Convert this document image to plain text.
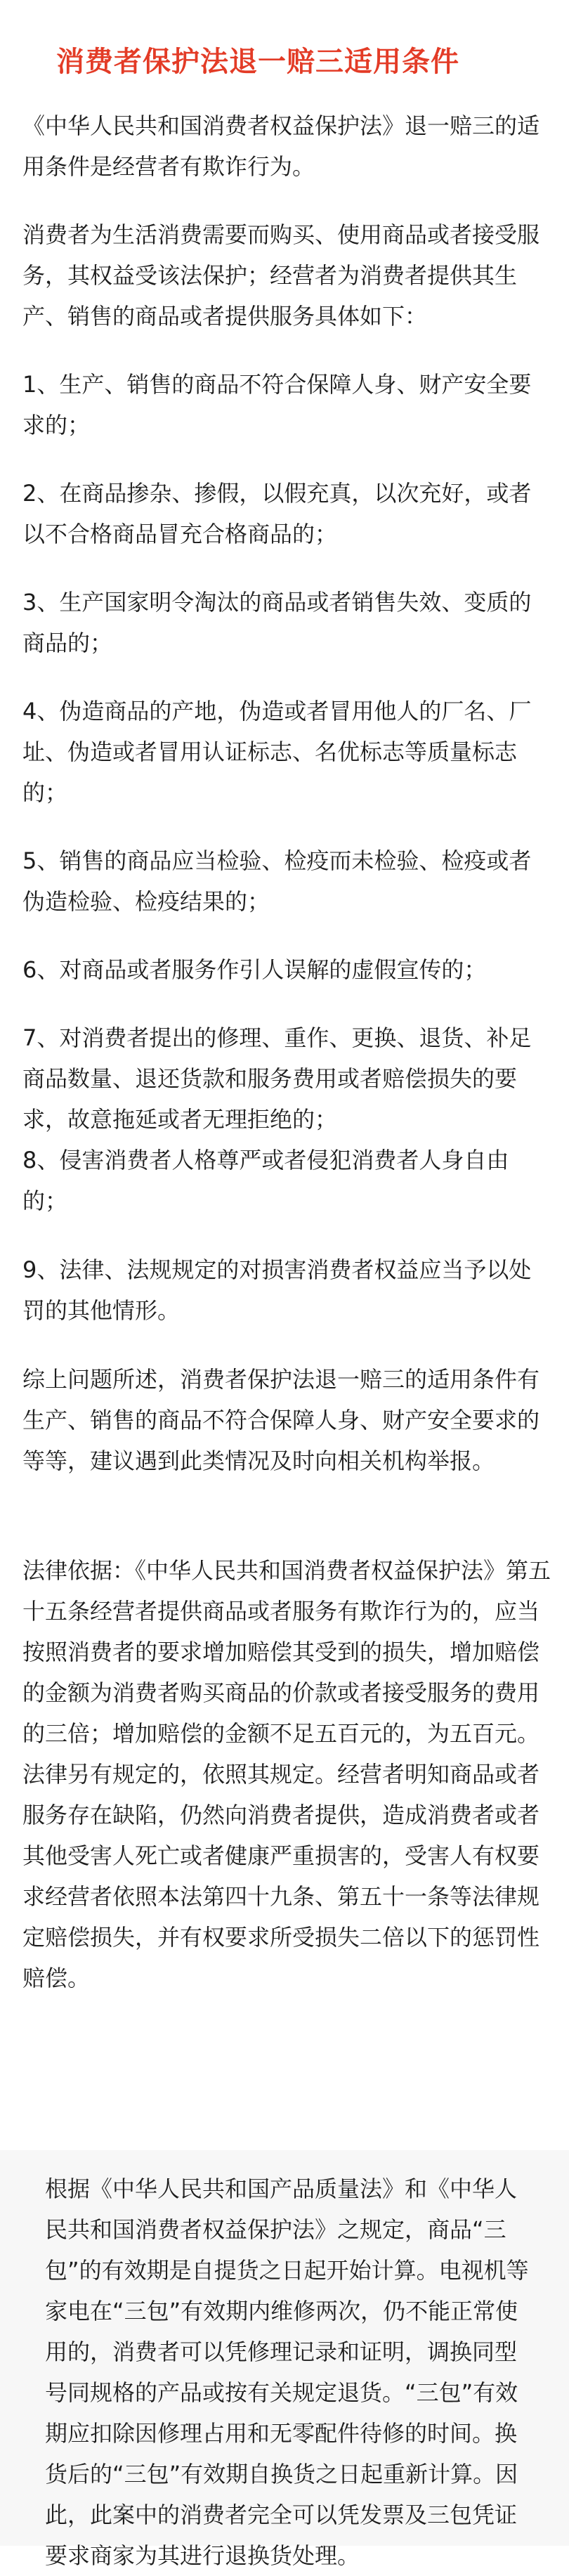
消费者保护法退一赔三适用条件

《中华人民共和国消费者权益保护法》退一赔三的适用条件是经营者有欺诈行为。

消费者为生活消费需要而购买、使用商品或者接受服务，其权益受该法保护；经营者为消费者提供其生产、销售的商品或者提供服务具体如下：

1、生产、销售的商品不符合保障人身、财产安全要求的；

2、在商品掺杂、掺假，以假充真，以次充好，或者以不合格商品冒充合格商品的；

3、生产国家明令淘汰的商品或者销售失效、变质的商品的；

4、伪造商品的产地，伪造或者冒用他人的厂名、厂址、伪造或者冒用认证标志、名优标志等质量标志的；

5、销售的商品应当检验、检疫而未检验、检疫或者伪造检验、检疫结果的；

6、对商品或者服务作引人误解的虚假宣传的；

7、对消费者提出的修理、重作、更换、退货、补足商品数量、退还货款和服务费用或者赔偿损失的要求，故意拖延或者无理拒绝的；

8、侵害消费者人格尊严或者侵犯消费者人身自由的；

9、法律、法规规定的对损害消费者权益应当予以处罚的其他情形。

综上问题所述，消费者保护法退一赔三的适用条件有生产、销售的商品不符合保障人身、财产安全要求的等等，建议遇到此类情况及时向相关机构举报。

法律依据：《中华人民共和国消费者权益保护法》第五十五条经营者提供商品或者服务有欺诈行为的，应当按照消费者的要求增加赔偿其受到的损失，增加赔偿的金额为消费者购买商品的价款或者接受服务的费用的三倍；增加赔偿的金额不足五百元的，为五百元。法律另有规定的，依照其规定。经营者明知商品或者服务存在缺陷，仍然向消费者提供，造成消费者或者其他受害人死亡或者健康严重损害的，受害人有权要求经营者依照本法第四十九条、第五十一条等法律规定赔偿损失，并有权要求所受损失二倍以下的惩罚性赔偿。

根据《中华人民共和国产品质量法》和《中华人民共和国消费者权益保护法》之规定，商品“三包”的有效期是自提货之日起开始计算。电视机等家电在“三包”有效期内维修两次，仍不能正常使用的，消费者可以凭修理记录和证明，调换同型号同规格的产品或按有关规定退货。“三包”有效期应扣除因修理占用和无零配件待修的时间。换货后的“三包”有效期自换货之日起重新计算。因此，此案中的消费者完全可以凭发票及三包凭证要求商家为其进行退换货处理。
